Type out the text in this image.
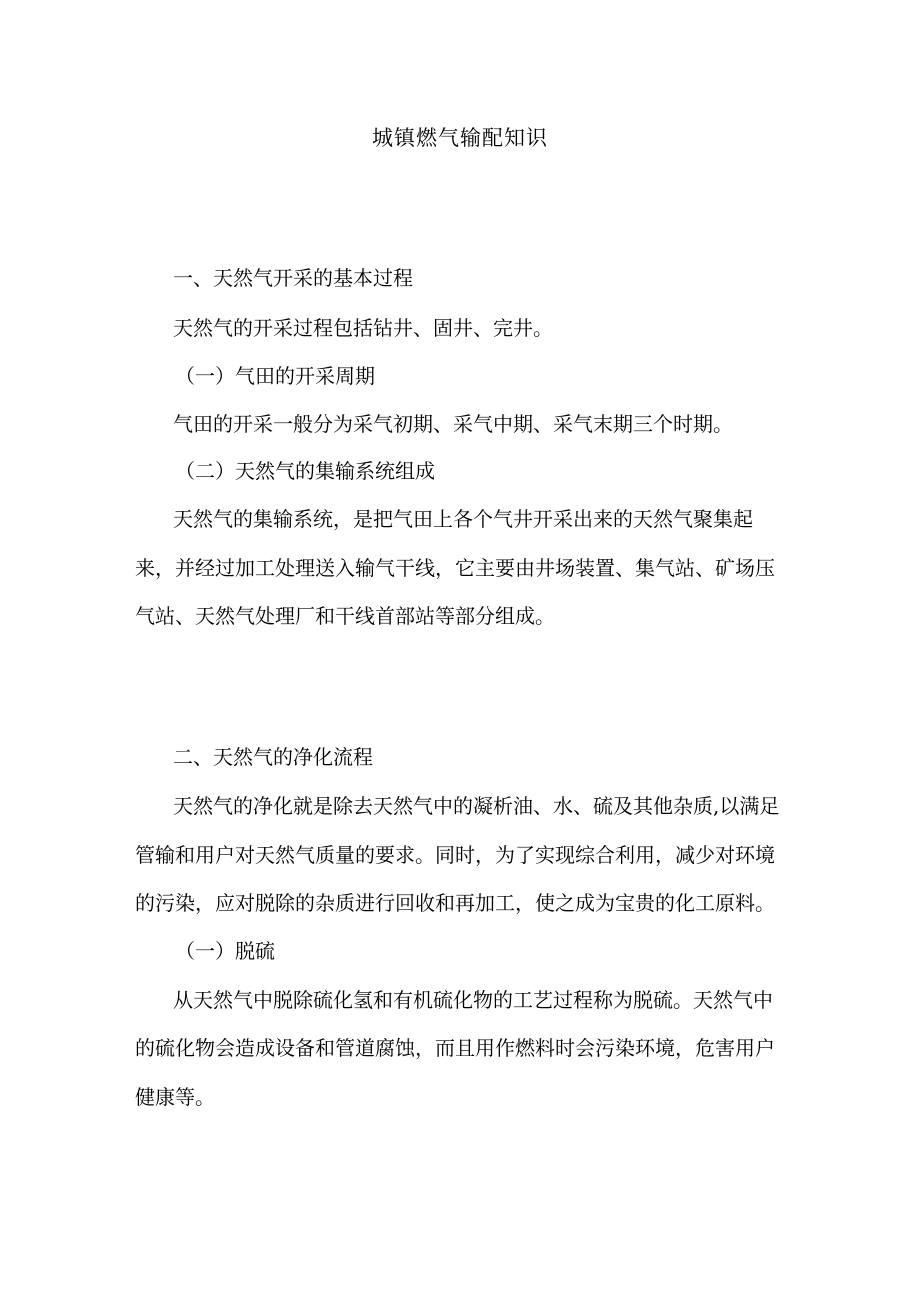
城镇燃气输配知识
一、天然气开采的基本过程
天然气的开采过程包括钻井、固井、完井。
（一）气田的开采周期
气田的开采一般分为采气初期、采气中期、采气末期三个时期。
（二）天然气的集输系统组成
天然气的集输系统，是把气田上各个气井开采出来的天然气聚集起
来，并经过加工处理送入输气干线，它主要由井场装置、集气站、矿场压
气站、天然气处理厂和干线首部站等部分组成。
二、天然气的净化流程
天然气的净化就是除去天然气中的凝析油、水、硫及其他杂质,以满足
管输和用户对天然气质量的要求。同时，为了实现综合利用，减少对环境
的污染，应对脱除的杂质进行回收和再加工，使之成为宝贵的化工原料。
（一）脱硫
从天然气中脱除硫化氢和有机硫化物的工艺过程称为脱硫。天然气中
的硫化物会造成设备和管道腐蚀，而且用作燃料时会污染环境，危害用户
健康等。
